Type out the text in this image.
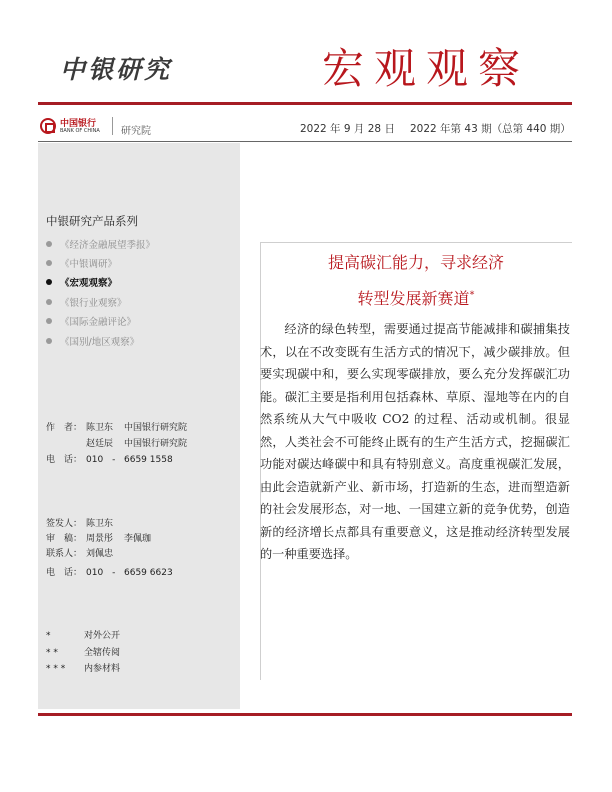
中银研究	宏观观察
中国银行
BANK OF CHINA 研究院	2022 年 9 月 28 日 2022 年第 43 期（总第 440 期）
中银研究产品系列
《经济金融展望季报》
《中银调研》
《宏观观察》
《银行业观察》
《国际金融评论》
《国别/地区观察》
作　者： 陈卫东 中国银行研究院
赵廷辰 中国银行研究院
电　话： 010　- 6659 1558
签发人： 陈卫东
审　稿： 周景彤 李佩珈
联系人： 刘佩忠
电　话： 010　- 6659 6623
*	对外公开
* *	全辖传阅
* * * 内参材料
提高碳汇能力，寻求经济
转型发展新赛道*

经济的绿色转型，需要通过提高节能减排和碳捕集技术，以在不改变既有生活方式的情况下，减少碳排放。但要实现碳中和，要么实现零碳排放，要么充分发挥碳汇功能。碳汇主要是指利用包括森林、草原、湿地等在内的自然系统从大气中吸收 CO2 的过程、活动或机制。很显然，人类社会不可能终止既有的生产生活方式，挖掘碳汇功能对碳达峰碳中和具有特别意义。高度重视碳汇发展，由此会造就新产业、新市场，打造新的生态，进而塑造新的社会发展形态，对一地、一国建立新的竞争优势，创造新的经济增长点都具有重要意义，这是推动经济转型发展的一种重要选择。
